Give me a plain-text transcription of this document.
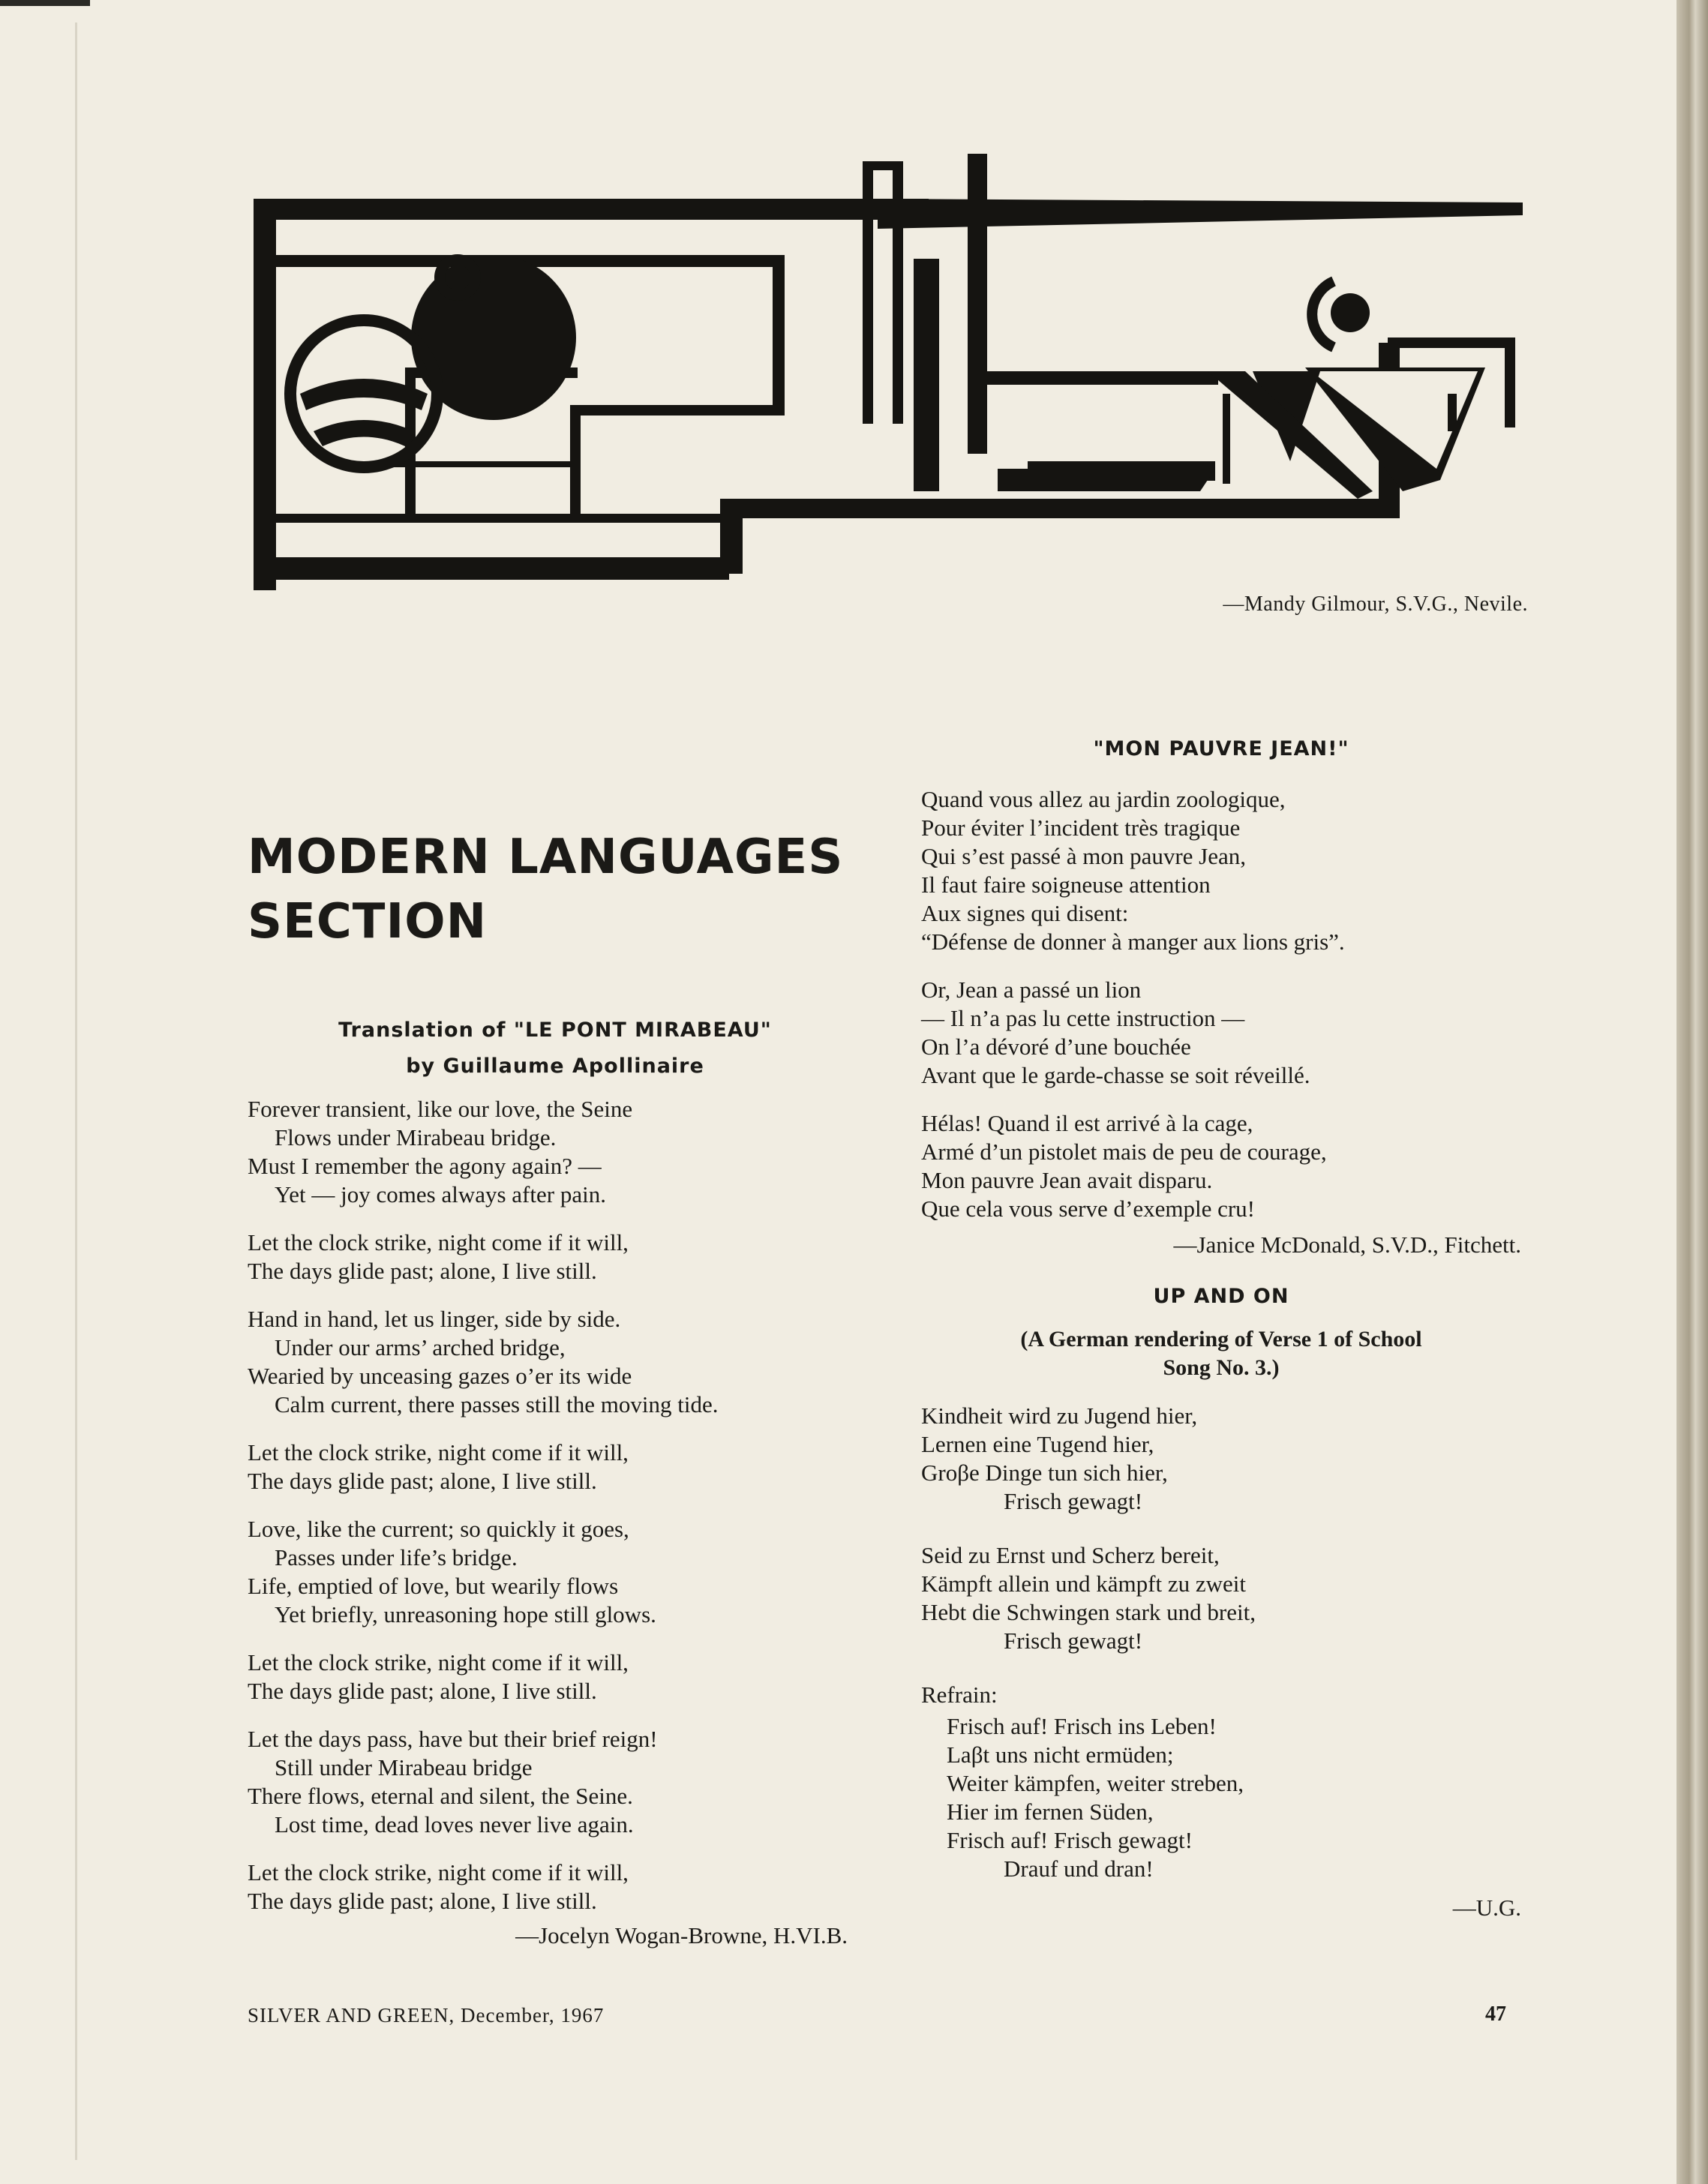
—Mandy Gilmour, S.V.G., Nevile.
MODERN LANGUAGES
SECTION
Translation of "LE PONT MIRABEAU"
by Guillaume Apollinaire
Forever transient, like our love, the Seine
Flows under Mirabeau bridge.
Must I remember the agony again? —
Yet — joy comes always after pain.
Let the clock strike, night come if it will,
The days glide past; alone, I live still.
Hand in hand, let us linger, side by side.
Under our arms’ arched bridge,
Wearied by unceasing gazes o’er its wide
Calm current, there passes still the moving tide.
Let the clock strike, night come if it will,
The days glide past; alone, I live still.
Love, like the current; so quickly it goes,
Passes under life’s bridge.
Life, emptied of love, but wearily flows
Yet briefly, unreasoning hope still glows.
Let the clock strike, night come if it will,
The days glide past; alone, I live still.
Let the days pass, have but their brief reign!
Still under Mirabeau bridge
There flows, eternal and silent, the Seine.
Lost time, dead loves never live again.
Let the clock strike, night come if it will,
The days glide past; alone, I live still.
—Jocelyn Wogan-Browne, H.VI.B.
"MON PAUVRE JEAN!"
Quand vous allez au jardin zoologique,
Pour éviter l’incident très tragique
Qui s’est passé à mon pauvre Jean,
Il faut faire soigneuse attention
Aux signes qui disent:
“Défense de donner à manger aux lions gris”.
Or, Jean a passé un lion
— Il n’a pas lu cette instruction —
On l’a dévoré d’une bouchée
Avant que le garde-chasse se soit réveillé.
Hélas! Quand il est arrivé à la cage,
Armé d’un pistolet mais de peu de courage,
Mon pauvre Jean avait disparu.
Que cela vous serve d’exemple cru!
—Janice McDonald, S.V.D., Fitchett.
UP AND ON
(A German rendering of Verse 1 of School
Song No. 3.)
Kindheit wird zu Jugend hier,
Lernen eine Tugend hier,
Groβe Dinge tun sich hier,
Frisch gewagt!
Seid zu Ernst und Scherz bereit,
Kämpft allein und kämpft zu zweit
Hebt die Schwingen stark und breit,
Frisch gewagt!
Refrain:
Frisch auf! Frisch ins Leben!
Laβt uns nicht ermüden;
Weiter kämpfen, weiter streben,
Hier im fernen Süden,
Frisch auf! Frisch gewagt!
Drauf und dran!
—U.G.
SILVER AND GREEN, December, 1967	47
